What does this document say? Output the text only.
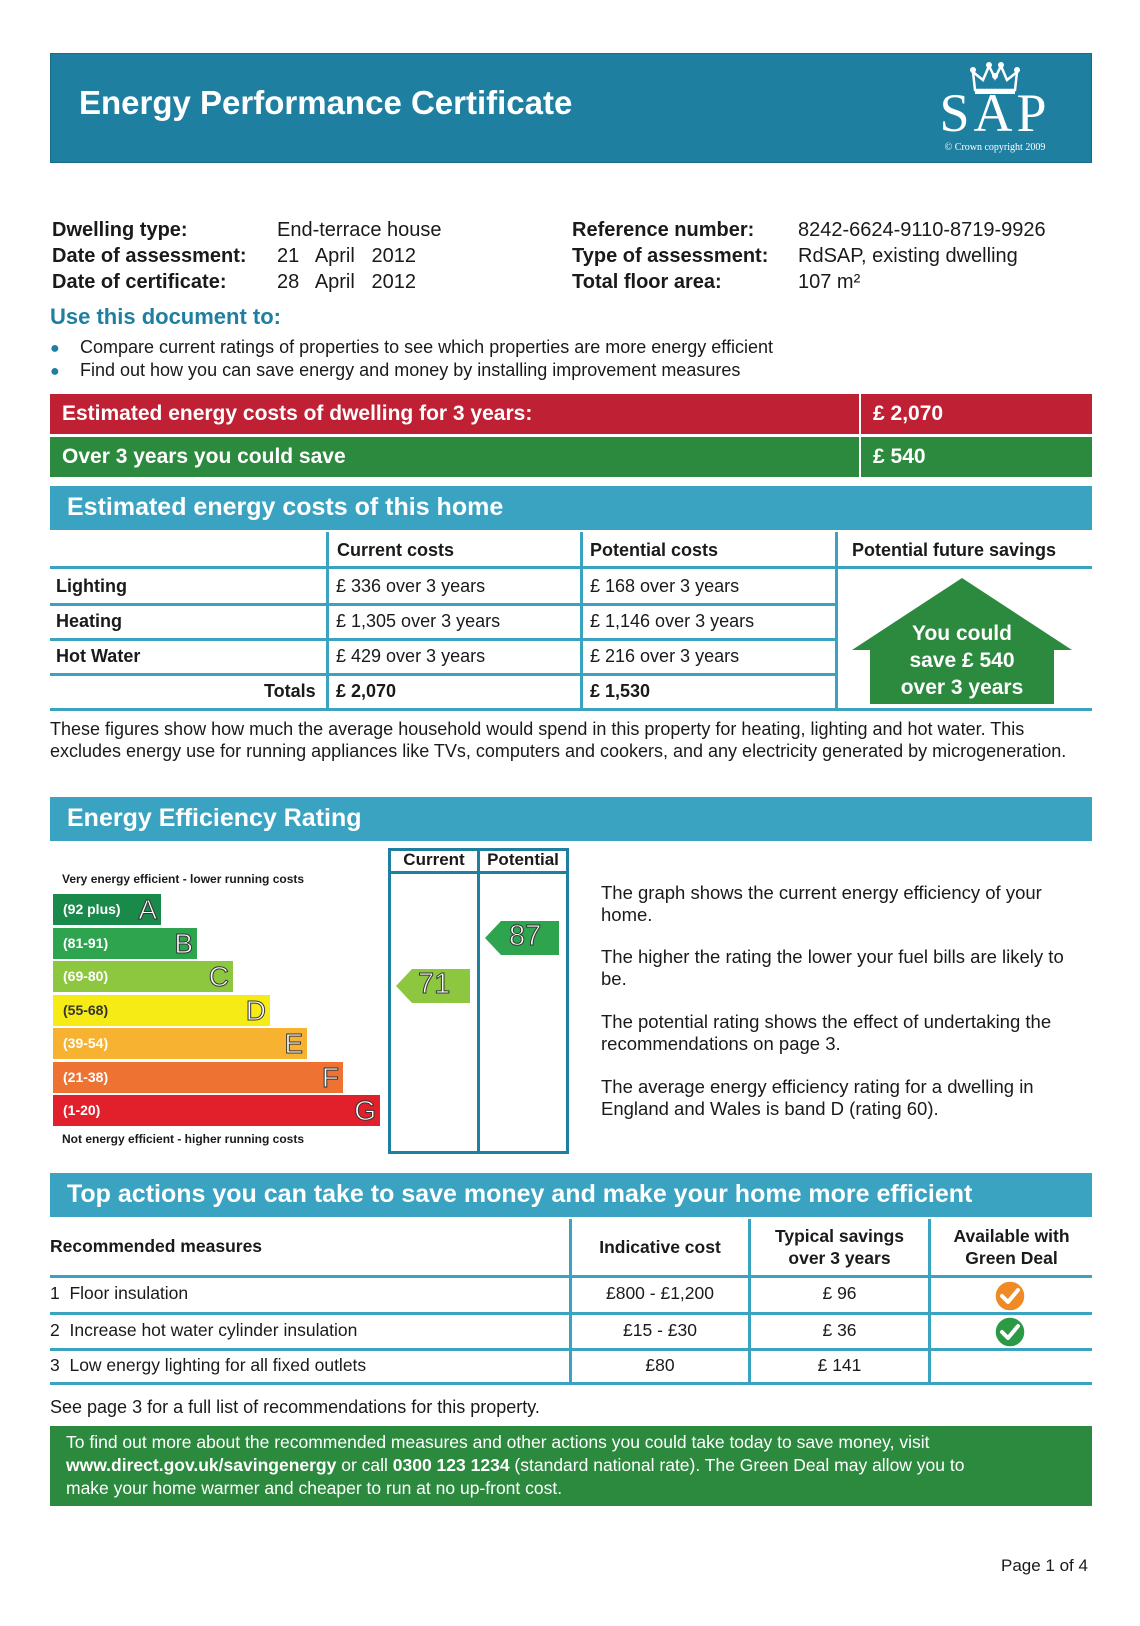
Energy Performance Certificate	SAP
© Crown copyright 2009
Dwelling type:	End-terrace house
Date of assessment: 21   April   2012
Date of certificate:	28   April   2012
Reference number: 8242-6624-9110-8719-9926
Type of assessment: RdSAP, existing dwelling
Total floor area:	107 m²
Use this document to:
● Compare current ratings of properties to see which properties are more energy efficient
● Find out how you can save energy and money by installing improvement measures
Estimated energy costs of dwelling for 3 years:	£ 2,070
Over 3 years you could save	£ 540
Estimated energy costs of this home
Current costs	Potential costs	Potential future savings
Lighting	£ 336 over 3 years	£ 168 over 3 years
Heating	£ 1,305 over 3 years	£ 1,146 over 3 years
Hot Water	£ 429 over 3 years	£ 216 over 3 years
Totals £ 2,070	£ 1,530
You could
save £ 540
over 3 years
These figures show how much the average household would spend in this property for heating, lighting and hot water. This excludes energy use for running appliances like TVs, computers and cookers, and any electricity generated by microgeneration.
Energy Efficiency Rating
Current	Potential
Very energy efficient - lower running costs
Not energy efficient - higher running costs
(92 plus) A
(81-91) B
(69-80)	C
(55-68)	D
(39-54)	E
(21-38)	F
(1-20)	G
71
87
The graph shows the current energy efficiency of your home.
The higher the rating the lower your fuel bills are likely to be.
The potential rating shows the effect of undertaking the recommendations on page 3.
The average energy efficiency rating for a dwelling in England and Wales is band D (rating 60).
Top actions you can take to save money and make your home more efficient
Recommended measures	Indicative cost
Typical savings
over 3 years
Available with
Green Deal
1 Floor insulation	£800 - £1,200	£ 96
2 Increase hot water cylinder insulation	£15 - £30	£ 36
3 Low energy lighting for all fixed outlets	£80	£ 141
See page 3 for a full list of recommendations for this property.
To find out more about the recommended measures and other actions you could take today to save money, visit
www.direct.gov.uk/savingenergy or call 0300 123 1234 (standard national rate). The Green Deal may allow you to
make your home warmer and cheaper to run at no up-front cost.
Page 1 of 4
